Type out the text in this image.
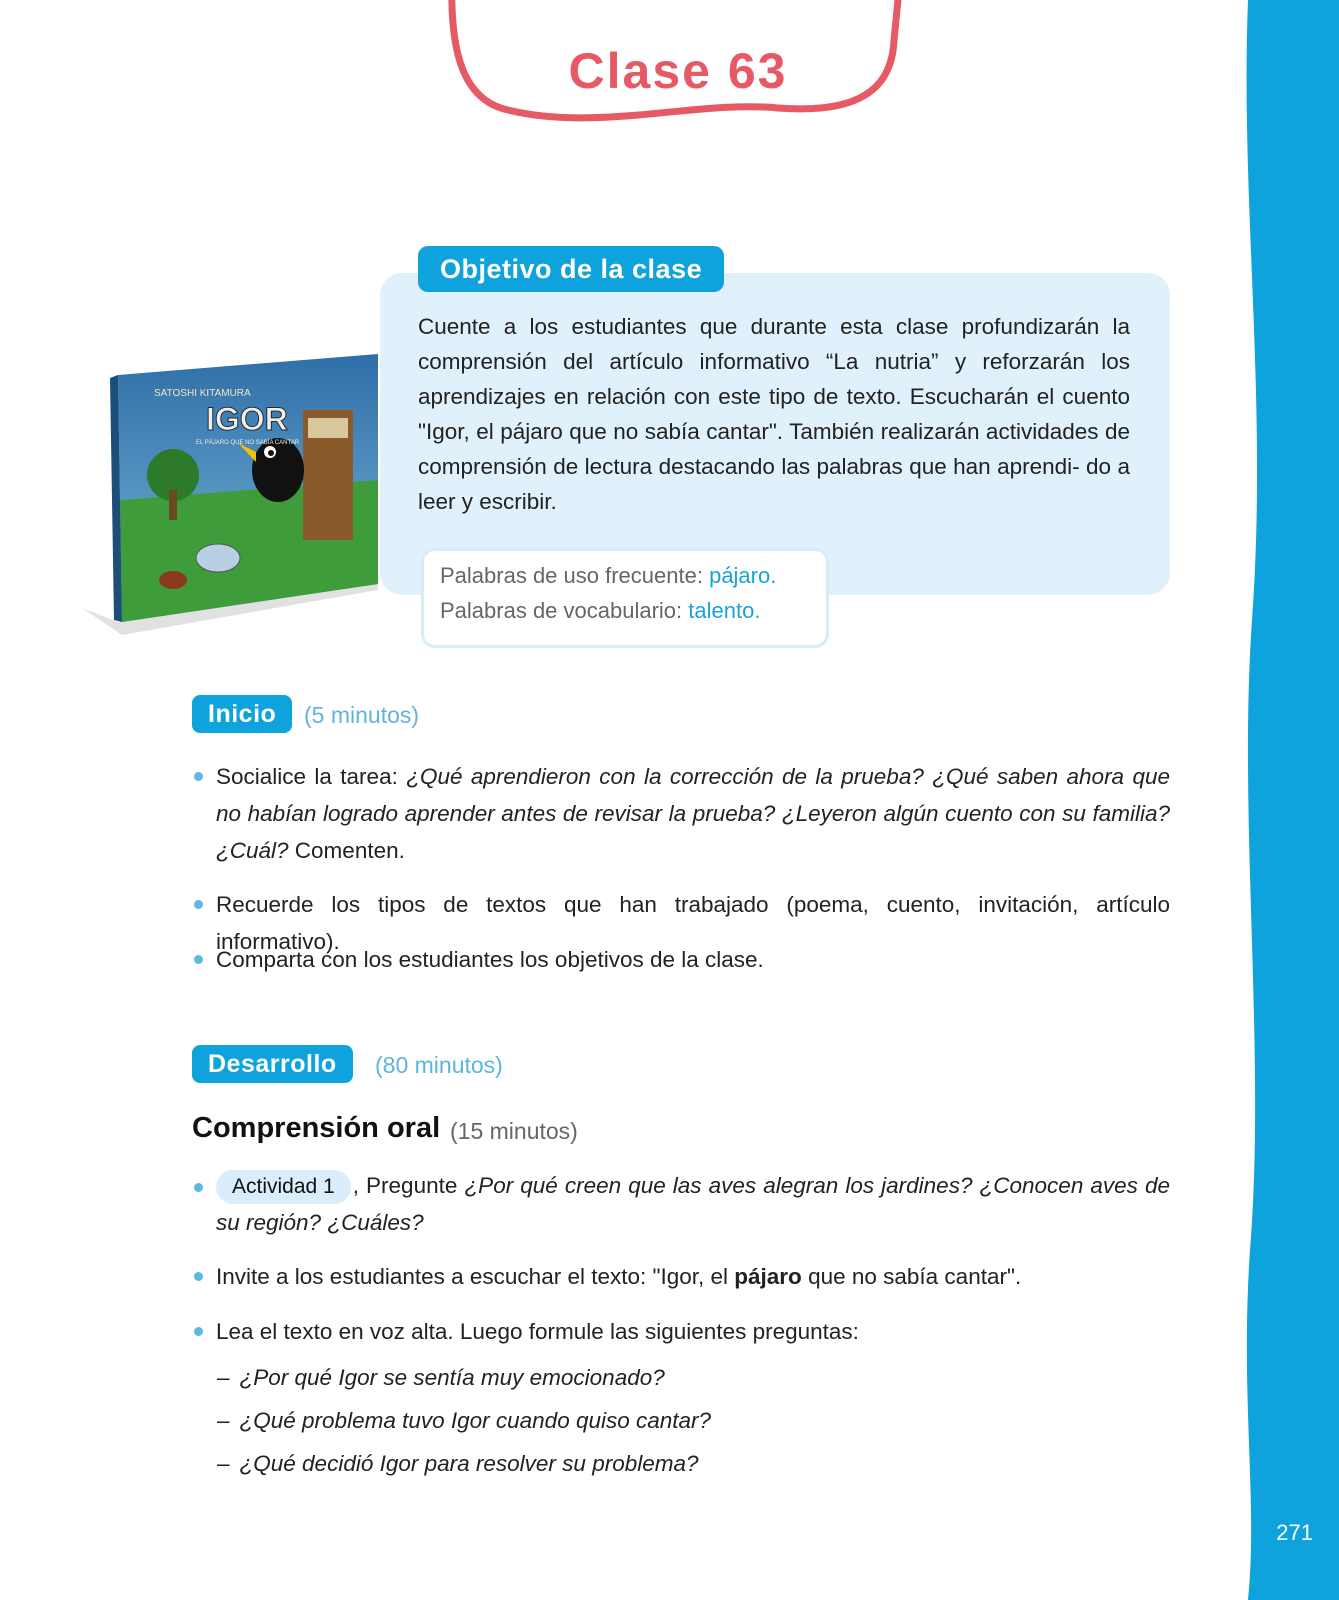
271
Clase 63
SATOSHI KITAMURA
IGOR
EL PÁJARO QUE NO SABÍA CANTAR
Objetivo de la clase

Cuente a los estudiantes que durante esta clase profundizarán la comprensión del artículo informativo “La nutria” y reforzarán los aprendizajes en relación con este tipo de texto. Escucharán el cuento "Igor, el pájaro que no sabía cantar". También realizarán actividades de comprensión de lectura destacando las palabras que han aprendi- do a leer y escribir.

Palabras de uso frecuente: pájaro.
Palabras de vocabulario: talento.
Inicio	(5 minutos)
Socialice la tarea: ¿Qué aprendieron con la corrección de la prueba? ¿Qué saben ahora que no habían logrado aprender antes de revisar la prueba? ¿Leyeron algún cuento con su familia? ¿Cuál? Comenten.
Recuerde los tipos de textos que han trabajado (poema, cuento, invitación, artículo informativo).
Comparta con los estudiantes los objetivos de la clase.
Desarrollo	(80 minutos)
Comprensión oral (15 minutos)
Actividad 1 , Pregunte ¿Por qué creen que las aves alegran los jardines? ¿Conocen aves de su región? ¿Cuáles?
Invite a los estudiantes a escuchar el texto: "Igor, el pájaro que no sabía cantar".
Lea el texto en voz alta. Luego formule las siguientes preguntas:
– ¿Por qué Igor se sentía muy emocionado?
– ¿Qué problema tuvo Igor cuando quiso cantar?
– ¿Qué decidió Igor para resolver su problema?
